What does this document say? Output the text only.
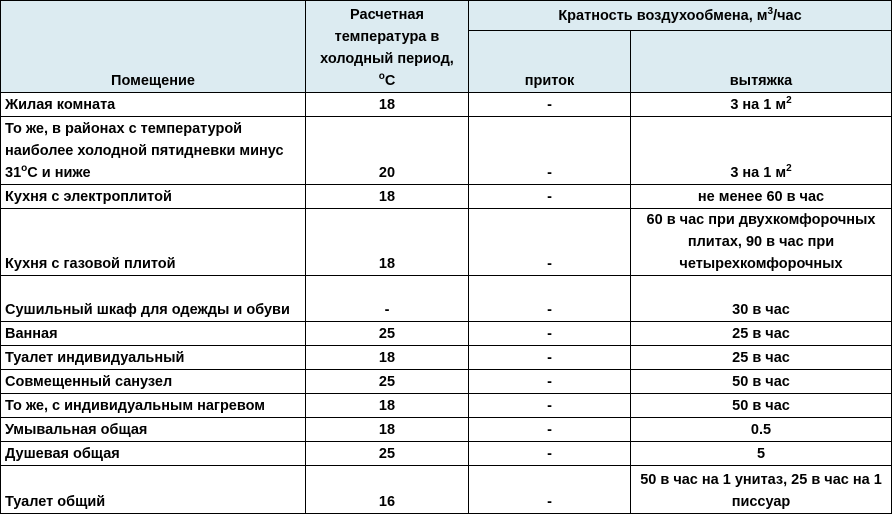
Помещение	Расчетная температура в холодный период, $^о$С	Кратность воздухообмена, $м^3$/час	
		приток	вытяжка
Жилая комната	18	-	3 на 1 $м^2$
То же, в районах с температурой наиболее холодной пятидневки минус $31^оС$ и ниже	20	-	3 на 1 $м^2$
Кухня с электроплитой	18	-	не менее 60 в час
Кухня с газовой плитой	18	-	60 в час при двухкомфорочных плитах, 90 в час при четырехкомфорочных
Сушильный шкаф для одежды и обуви	-	-	30 в час
Ванная	25	-	25 в час
Туалет индивидуальный	18	-	25 в час
Совмещенный санузел	25	-	50 в час
То же, с индивидуальным нагревом	18	-	50 в час
Умывальная общая	18	-	0.5
Душевая общая	25	-	5
Туалет общий	16	-	50 в час на 1 унитаз, 25 в час на 1 писсуар
